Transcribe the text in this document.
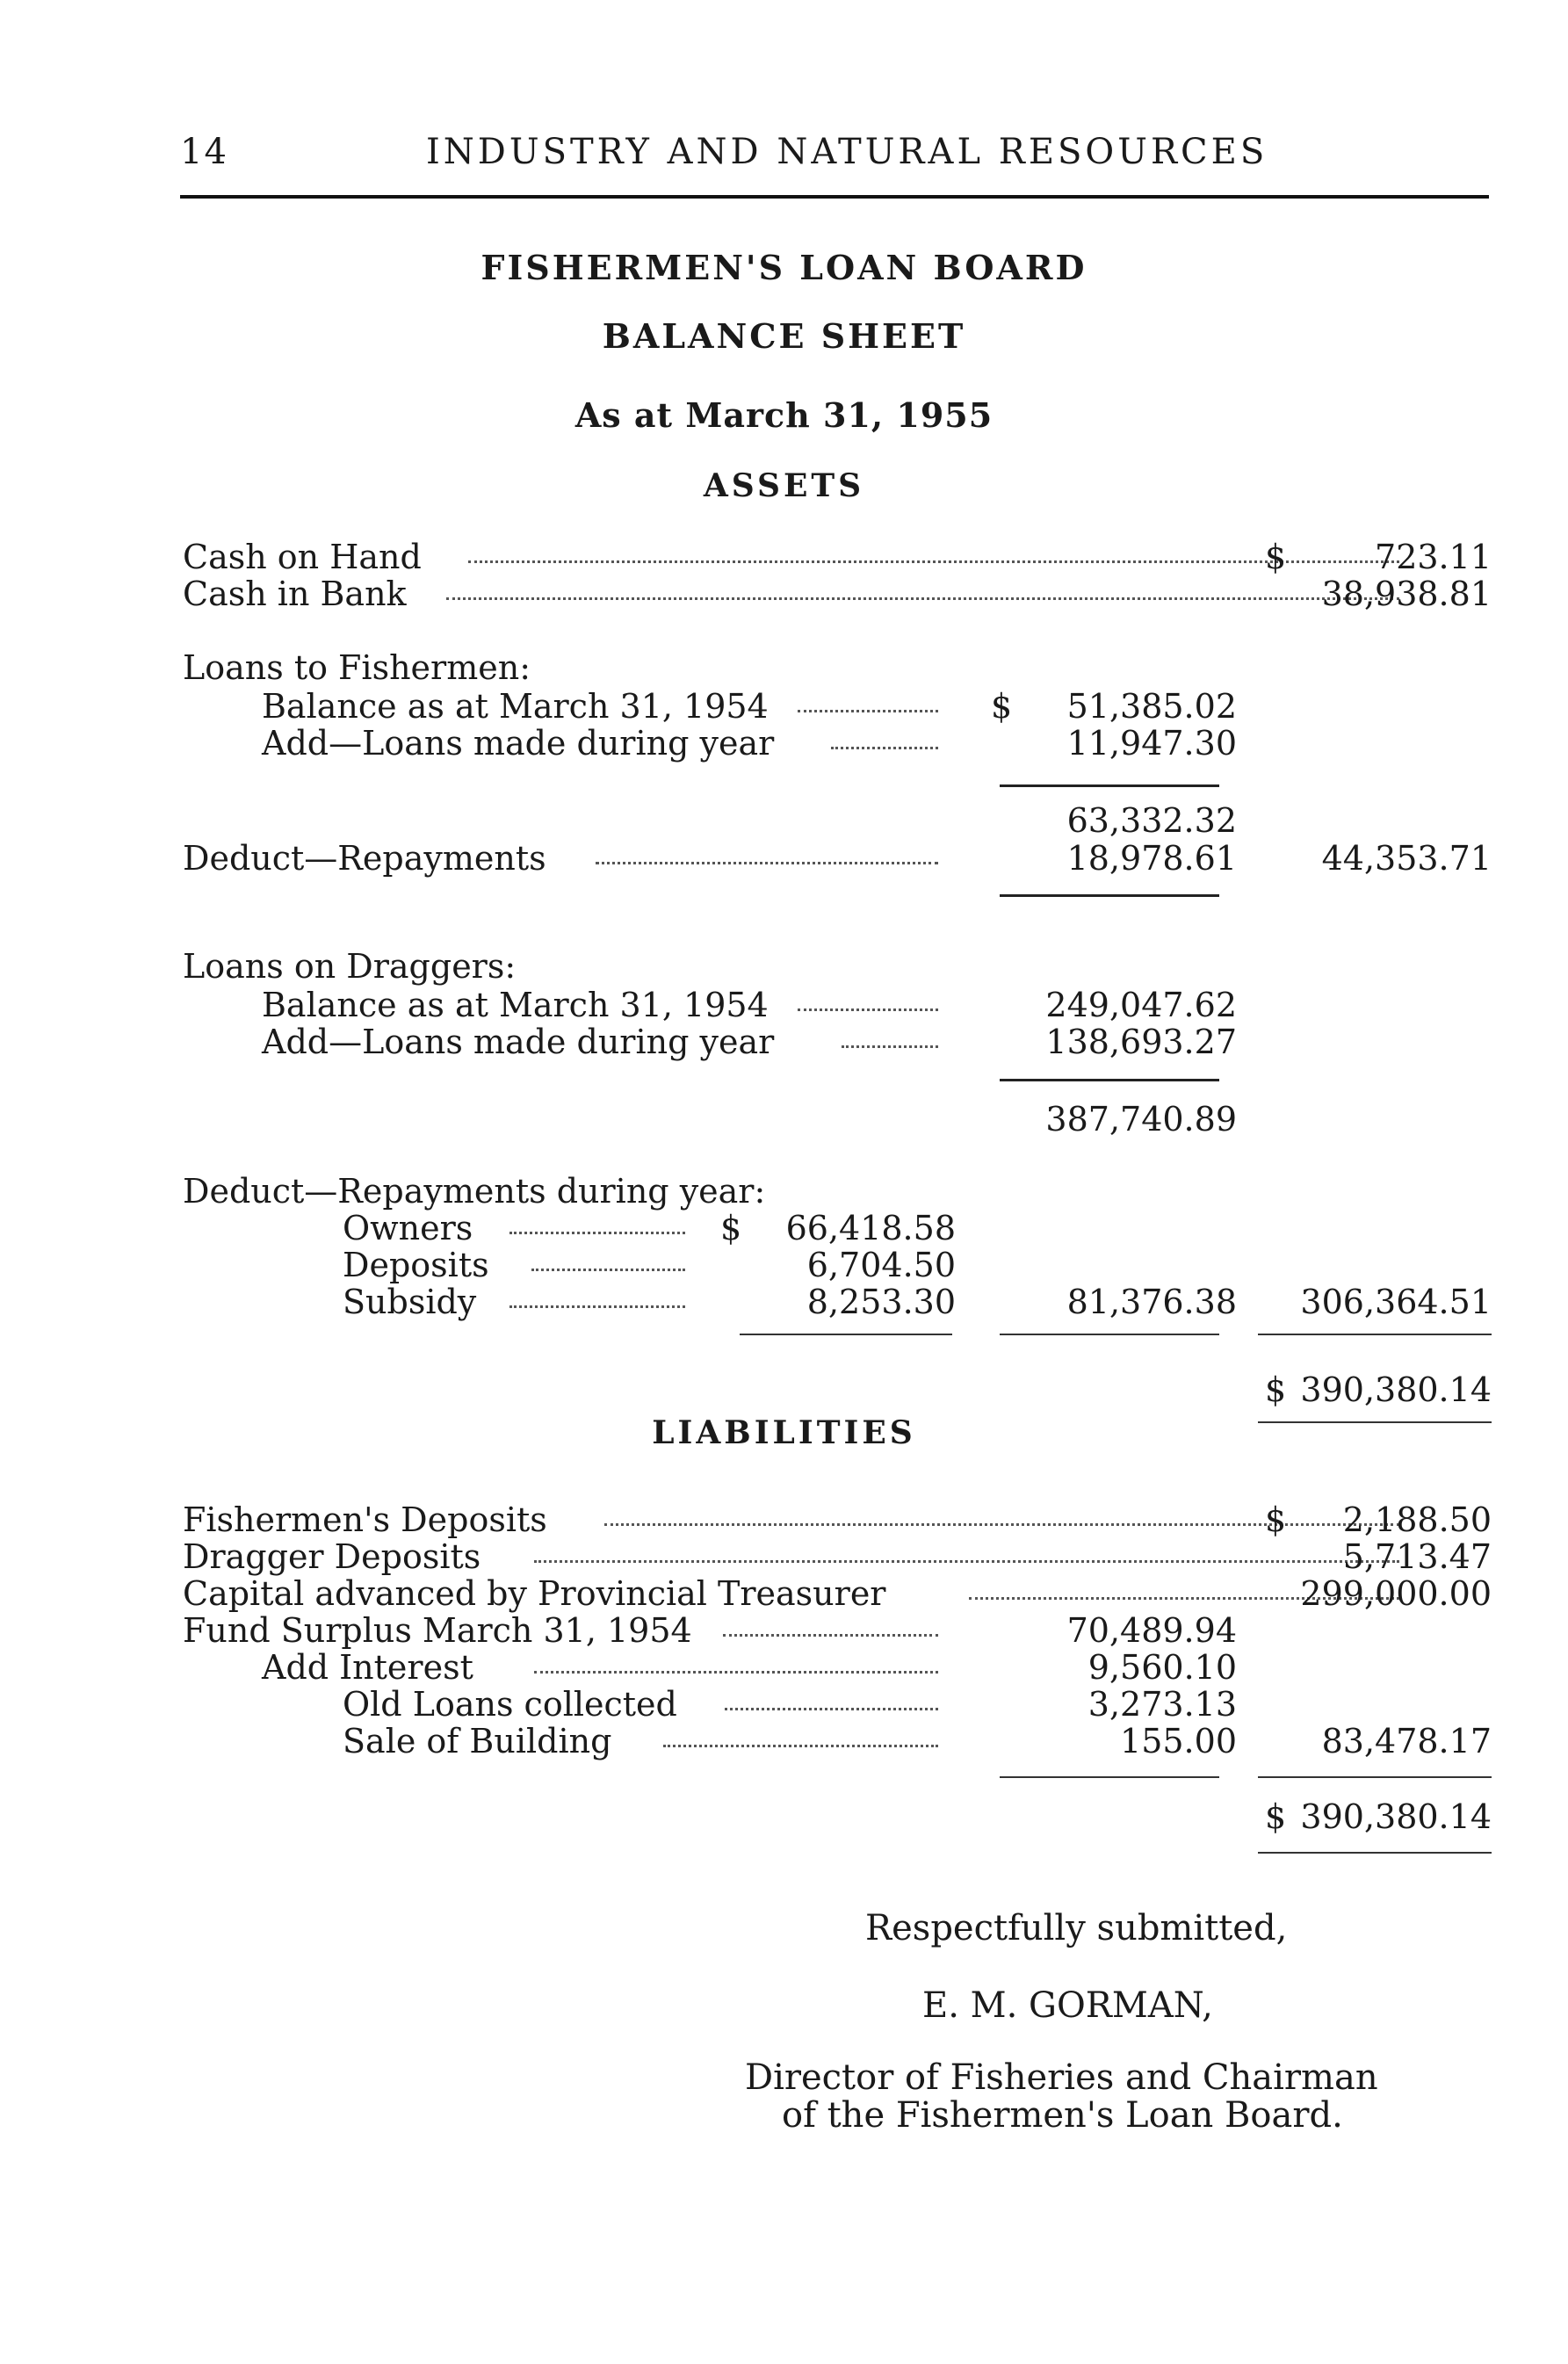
14	INDUSTRY AND NATURAL RESOURCES
FISHERMEN'S LOAN BOARD
BALANCE SHEET
As at March 31, 1955
ASSETS
Cash on Hand	$	723.11
Cash in Bank	38,938.81
Loans to Fishermen:
Balance as at March 31, 1954	$	51,385.02
Add—Loans made during year	11,947.30
63,332.32
Deduct—Repayments	18,978.61	44,353.71
Loans on Draggers:
Balance as at March 31, 1954	249,047.62
Add—Loans made during year	138,693.27
387,740.89
Deduct—Repayments during year:
Owners	$	66,418.58
Deposits	6,704.50
Subsidy	8,253.30	81,376.38	306,364.51
$ 390,380.14
LIABILITIES
Fishermen's Deposits	$	2,188.50
Dragger Deposits	5,713.47
Capital advanced by Provincial Treasurer	299,000.00
Fund Surplus March 31, 1954	70,489.94
Add Interest	9,560.10
Old Loans collected	3,273.13
Sale of Building	155.00	83,478.17
$ 390,380.14
Respectfully submitted,
E. M. GORMAN,
Director of Fisheries and Chairman
of the Fishermen's Loan Board.
